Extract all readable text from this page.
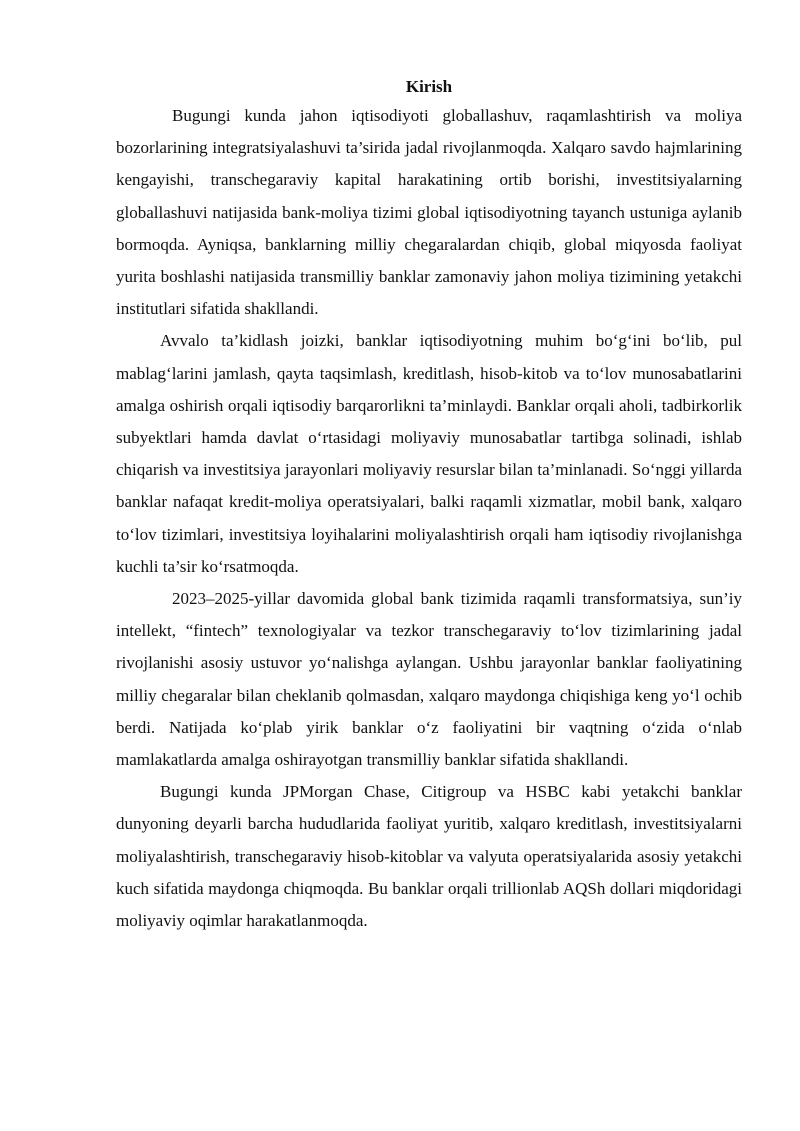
Kirish

Bugungi kunda jahon iqtisodiyoti globallashuv, raqamlashtirish va moliya bozorlarining integratsiyalashuvi ta’sirida jadal rivojlanmoqda. Xalqaro savdo hajmlarining kengayishi, transchegaraviy kapital harakatining ortib borishi, investitsiyalarning globallashuvi natijasida bank-moliya tizimi global iqtisodiyotning tayanch ustuniga aylanib bormoqda. Ayniqsa, banklarning milliy chegaralardan chiqib, global miqyosda faoliyat yurita boshlashi natijasida transmilliy banklar zamonaviy jahon moliya tizimining yetakchi institutlari sifatida shakllandi.

Avvalo ta’kidlash joizki, banklar iqtisodiyotning muhim bo‘g‘ini bo‘lib, pul mablag‘larini jamlash, qayta taqsimlash, kreditlash, hisob-kitob va to‘lov munosabatlarini amalga oshirish orqali iqtisodiy barqarorlikni ta’minlaydi. Banklar orqali aholi, tadbirkorlik subyektlari hamda davlat o‘rtasidagi moliyaviy munosabatlar tartibga solinadi, ishlab chiqarish va investitsiya jarayonlari moliyaviy resurslar bilan ta’minlanadi. So‘nggi yillarda banklar nafaqat kredit-moliya operatsiyalari, balki raqamli xizmatlar, mobil bank, xalqaro to‘lov tizimlari, investitsiya loyihalarini moliyalashtirish orqali ham iqtisodiy rivojlanishga kuchli ta’sir ko‘rsatmoqda.

2023–2025-yillar davomida global bank tizimida raqamli transformatsiya, sun’iy intellekt, “fintech” texnologiyalar va tezkor transchegaraviy to‘lov tizimlarining jadal rivojlanishi asosiy ustuvor yo‘nalishga aylangan. Ushbu jarayonlar banklar faoliyatining milliy chegaralar bilan cheklanib qolmasdan, xalqaro maydonga chiqishiga keng yo‘l ochib berdi. Natijada ko‘plab yirik banklar o‘z faoliyatini bir vaqtning o‘zida o‘nlab mamlakatlarda amalga oshirayotgan transmilliy banklar sifatida shakllandi.

Bugungi kunda JPMorgan Chase, Citigroup va HSBC kabi yetakchi banklar dunyoning deyarli barcha hududlarida faoliyat yuritib, xalqaro kreditlash, investitsiyalarni moliyalashtirish, transchegaraviy hisob-kitoblar va valyuta operatsiyalarida asosiy yetakchi kuch sifatida maydonga chiqmoqda. Bu banklar orqali trillionlab AQSh dollari miqdoridagi moliyaviy oqimlar harakatlanmoqda.
